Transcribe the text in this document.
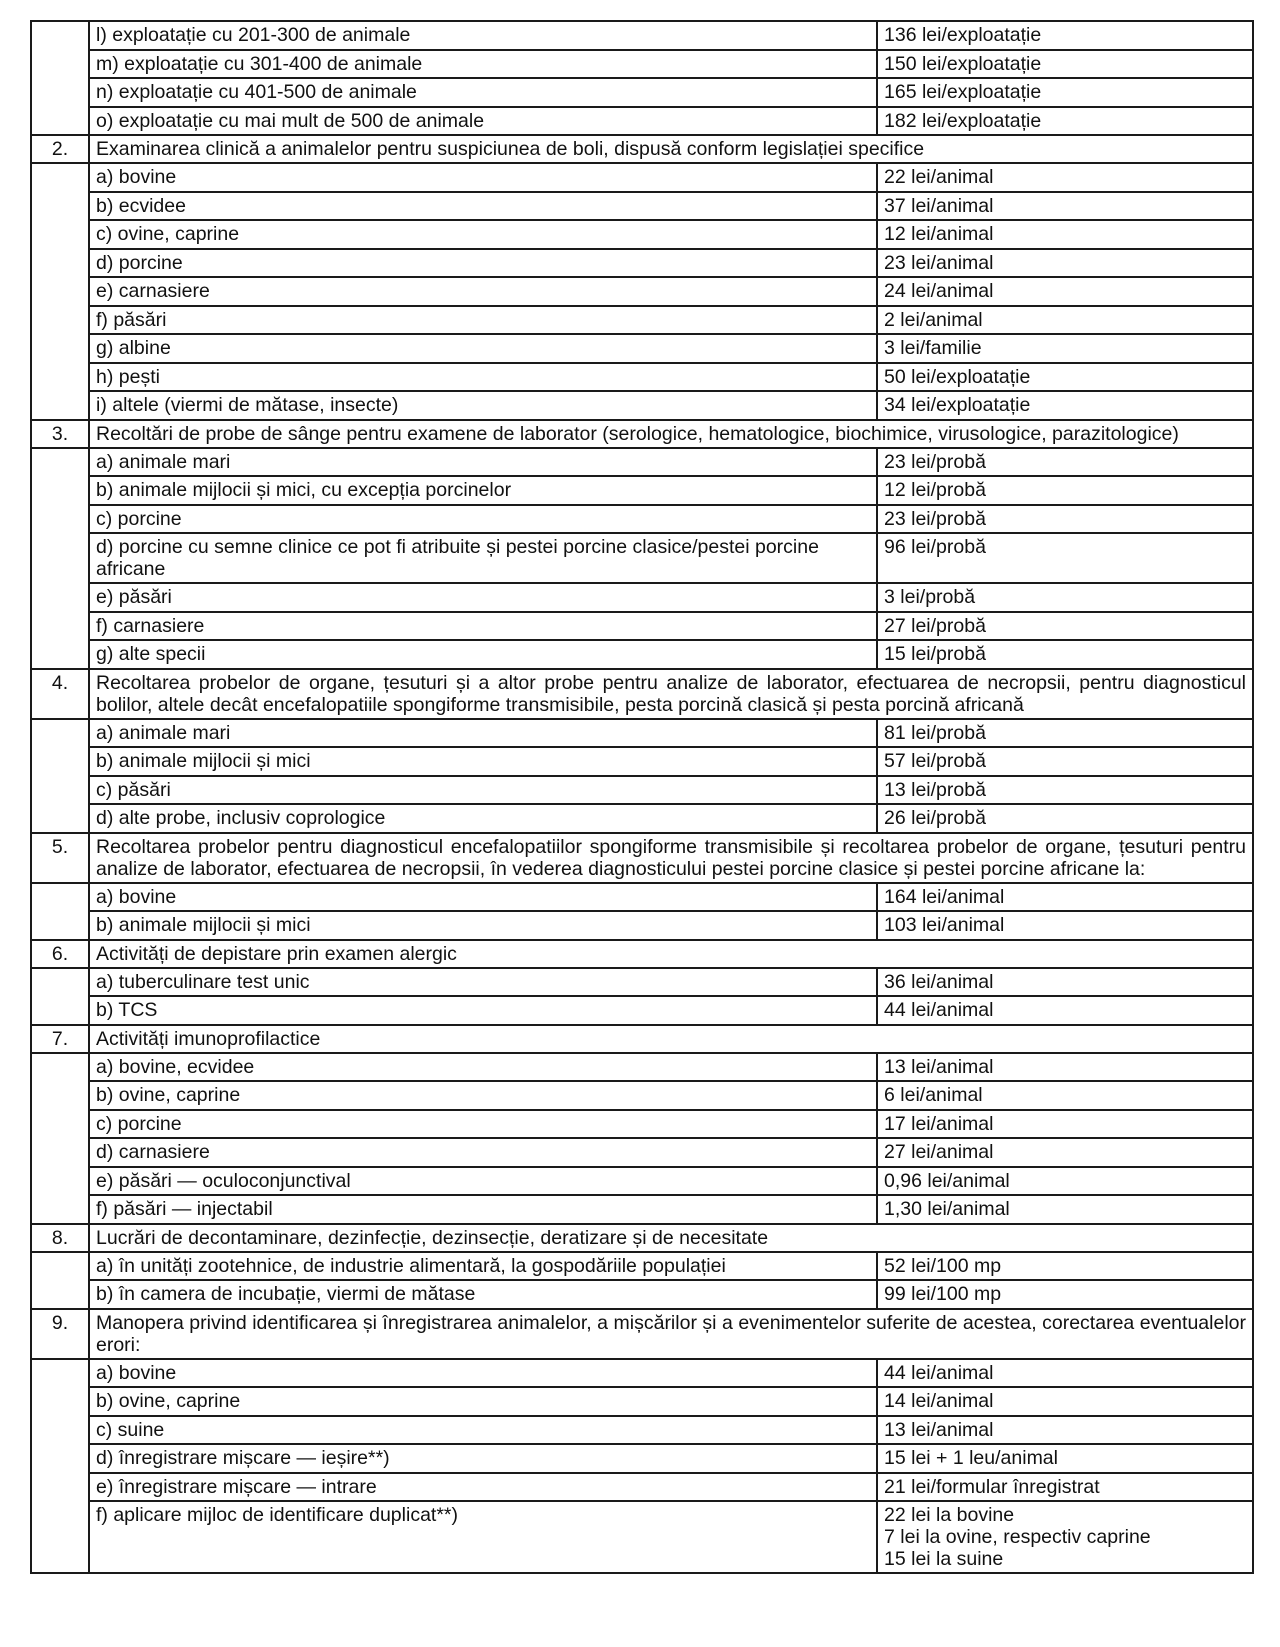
	l) exploatație cu 201-300 de animale	136 lei/exploatație
	m) exploatație cu 301-400 de animale	150 lei/exploatație
	n) exploatație cu 401-500 de animale	165 lei/exploatație
	o) exploatație cu mai mult de 500 de animale	182 lei/exploatație
2.	Examinarea clinică a animalelor pentru suspiciunea de boli, dispusă conform legislației specifice	
	a) bovine	22 lei/animal
	b) ecvidee	37 lei/animal
	c) ovine, caprine	12 lei/animal
	d) porcine	23 lei/animal
	e) carnasiere	24 lei/animal
	f) păsări	2 lei/animal
	g) albine	3 lei/familie
	h) pești	50 lei/exploatație
	i) altele (viermi de mătase, insecte)	34 lei/exploatație
3.	Recoltări de probe de sânge pentru examene de laborator (serologice, hematologice, biochimice, virusologice, parazitologice)	
	a) animale mari	23 lei/probă
	b) animale mijlocii și mici, cu excepția porcinelor	12 lei/probă
	c) porcine	23 lei/probă
	d) porcine cu semne clinice ce pot fi atribuite și pestei porcine clasice/pestei porcine africane	96 lei/probă
	e) păsări	3 lei/probă
	f) carnasiere	27 lei/probă
	g) alte specii	15 lei/probă
4.	Recoltarea probelor de organe, țesuturi și a altor probe pentru analize de laborator, efectuarea de necropsii, pentru diagnosticul bolilor, altele decât encefalopatiile spongiforme transmisibile, pesta porcină clasică și pesta porcină africană	
	a) animale mari	81 lei/probă
	b) animale mijlocii și mici	57 lei/probă
	c) păsări	13 lei/probă
	d) alte probe, inclusiv coprologice	26 lei/probă
5.	Recoltarea probelor pentru diagnosticul encefalopatiilor spongiforme transmisibile și recoltarea probelor de organe, țesuturi pentru analize de laborator, efectuarea de necropsii, în vederea diagnosticului pestei porcine clasice și pestei porcine africane la:	
	a) bovine	164 lei/animal
	b) animale mijlocii și mici	103 lei/animal
6.	Activități de depistare prin examen alergic	
	a) tuberculinare test unic	36 lei/animal
	b) TCS	44 lei/animal
7.	Activități imunoprofilactice	
	a) bovine, ecvidee	13 lei/animal
	b) ovine, caprine	6 lei/animal
	c) porcine	17 lei/animal
	d) carnasiere	27 lei/animal
	e) păsări — oculoconjunctival	0,96 lei/animal
	f) păsări — injectabil	1,30 lei/animal
8.	Lucrări de decontaminare, dezinfecție, dezinsecție, deratizare și de necesitate	
	a) în unități zootehnice, de industrie alimentară, la gospodăriile populației	52 lei/100 mp
	b) în camera de incubație, viermi de mătase	99 lei/100 mp
9.	Manopera privind identificarea și înregistrarea animalelor, a mișcărilor și a evenimentelor suferite de acestea, corectarea eventualelor erori:	
	a) bovine	44 lei/animal
	b) ovine, caprine	14 lei/animal
	c) suine	13 lei/animal
	d) înregistrare mișcare — ieșire**)	15 lei + 1 leu/animal
	e) înregistrare mișcare — intrare	21 lei/formular înregistrat
	f) aplicare mijloc de identificare duplicat**)	22 lei la bovine
7 lei la ovine, respectiv caprine
15 lei la suine
